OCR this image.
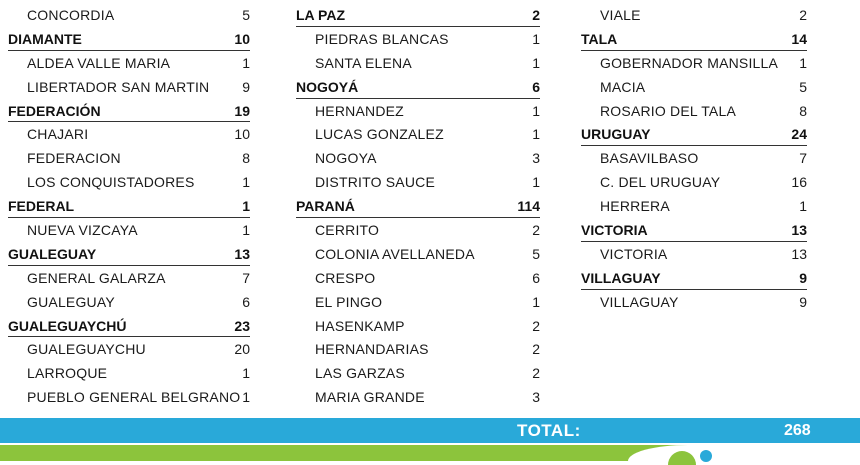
CONCORDIA	5
DIAMANTE	10
ALDEA VALLE MARIA	1
LIBERTADOR SAN MARTIN 9
FEDERACIÓN	19
CHAJARI	10
FEDERACION	8
LOS CONQUISTADORES	1
FEDERAL	1
NUEVA VIZCAYA	1
GUALEGUAY	13
GENERAL GALARZA	7
GUALEGUAY	6
GUALEGUAYCHÚ	23
GUALEGUAYCHU	20
LARROQUE	1
PUEBLO GENERAL BELGRANO 1
LA PAZ	2
PIEDRAS BLANCAS	1
SANTA ELENA	1
NOGOYÁ	6
HERNANDEZ	1
LUCAS GONZALEZ	1
NOGOYA	3
DISTRITO SAUCE	1
PARANÁ	114
CERRITO	2
COLONIA AVELLANEDA	5
CRESPO	6
EL PINGO	1
HASENKAMP	2
HERNANDARIAS	2
LAS GARZAS	2
MARIA GRANDE	3
VIALE	2
TALA	14
GOBERNADOR MANSILLA 1
MACIA	5
ROSARIO DEL TALA	8
URUGUAY	24
BASAVILBASO	7
C. DEL URUGUAY	16
HERRERA	1
VICTORIA	13
VICTORIA	13
VILLAGUAY	9
VILLAGUAY	9
TOTAL:	268
